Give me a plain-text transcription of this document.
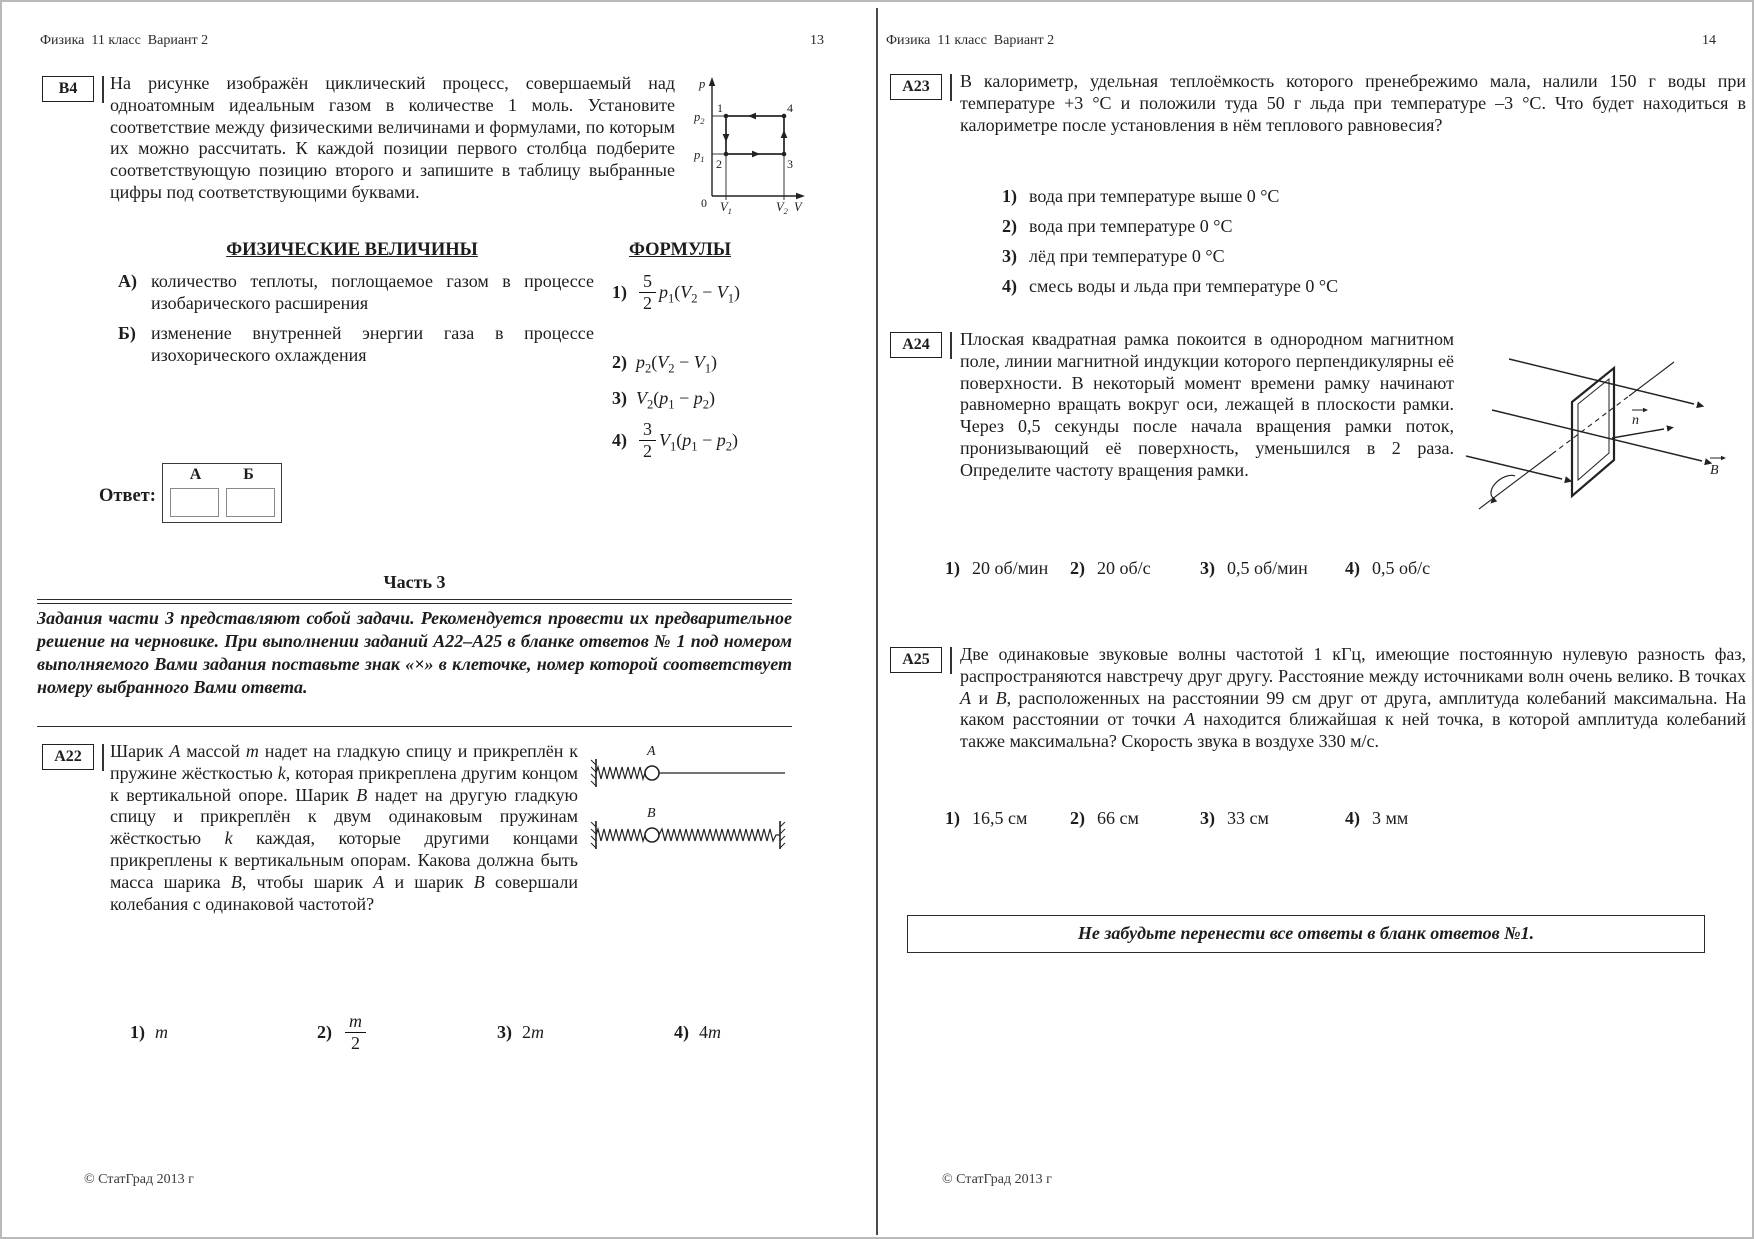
Физика  11 класс  Вариант 2	13
В4	На рисунке изображён циклический процесс, совершаемый над одноатомным идеальным газом в количестве 1 моль. Установите соответствие между физическими величинами и формулами, по которым их можно рассчитать. К каждой позиции первого столбца подберите соответствующую позицию второго и запишите в таблицу выбранные цифры под соответствующими буквами.
p
V
0
$p_2$
$p_1$
$V_1$	$V_2$
1	4
2	3
ФИЗИЧЕСКИЕ ВЕЛИЧИНЫ	ФОРМУЛЫ
А) количество теплоты, поглощаемое газом в процессе изобарического расширения
Б) изменение внутренней энергии газа в процессе изохорического охлаждения
$1) \frac{5}{2} p_1(V_2 - V_1)$
2) $p_2(V_2 - V_1)$
3) $V_2(p_1 - p_2)$
$4) \frac{3}{2} V_1(p_1 - p_2)$
Ответ:
А	Б
Часть 3
Задания части 3 представляют собой задачи. Рекомендуется провести их предварительное решение на черновике. При выполнении заданий А22–А25 в бланке ответов № 1 под номером выполняемого Вами задания поставьте знак «×» в клеточке, номер которой соответствует номеру выбранного Вами ответа.
А22	A
B
Шарик A массой m надет на гладкую спицу и прикреплён к пружине жёсткостью k, которая прикреплена другим концом к вертикальной опоре. Шарик B надет на другую гладкую спицу и прикреплён к двум одинаковым пружинам жёсткостью k каждая, которые другими концами прикреплены к вертикальным опорам. Какова должна быть масса шарика B, чтобы шарик A и шарик B совершали колебания с одинаковой частотой?
1) m	$2) \frac{m}{2}$	3) 2m	4) 4m
© СтатГрад 2013 г
Физика  11 класс  Вариант 2	14
А23	В калориметр, удельная теплоёмкость которого пренебрежимо мала, налили 150 г воды при температуре +3 °С и положили туда 50 г льда при температуре –3 °С. Что будет находиться в калориметре после установления в нём теплового равновесия?
1) вода при температуре выше 0 °С
2) вода при температуре 0 °С
3) лёд при температуре 0 °С
4) смесь воды и льда при температуре 0 °С
А24	Плоская квадратная рамка покоится в однородном магнитном поле, линии магнитной индукции которого перпендикулярны её поверхности. В некоторый момент времени рамку начинают равномерно вращать вокруг оси, лежащей в плоскости рамки. Через 0,5 секунды после начала вращения рамки поток, пронизывающий её поверхность, уменьшился в 2 раза. Определите частоту вращения рамки.
n
B
1) 20 об/мин 2) 20 об/с	3) 0,5 об/мин 4) 0,5 об/с
А25	Две одинаковые звуковые волны частотой 1 кГц, имеющие постоянную нулевую разность фаз, распространяются навстречу друг другу. Расстояние между источниками волн очень велико. В точках A и B, расположенных на расстоянии 99 см друг от друга, амплитуда колебаний максимальна. На каком расстоянии от точки A находится ближайшая к ней точка, в которой амплитуда колебаний также максимальна? Скорость звука в воздухе 330 м/с.
1) 16,5 см 2) 66 см	3) 33 см	4) 3 мм
Не забудьте перенести все ответы в бланк ответов №1.
© СтатГрад 2013 г
